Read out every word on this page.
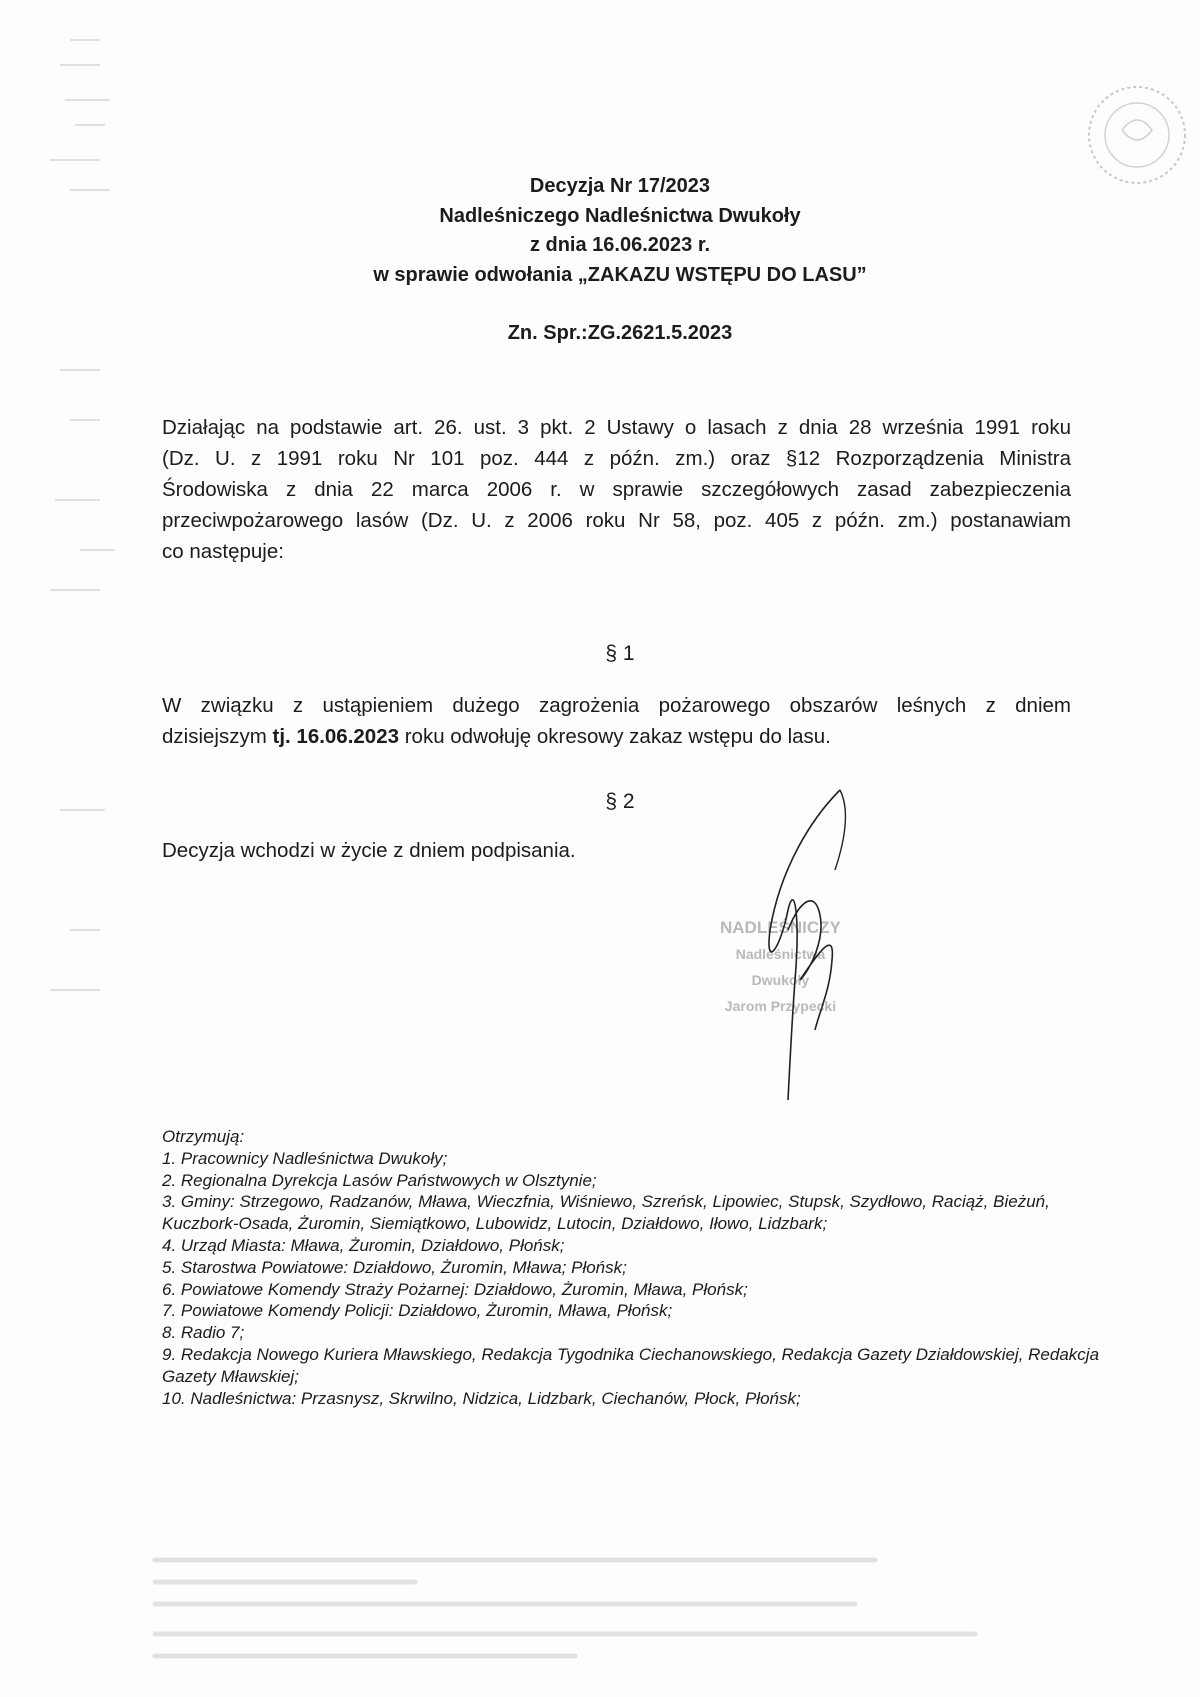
Decyzja Nr 17/2023
Nadleśniczego Nadleśnictwa Dwukoły
z dnia 16.06.2023 r.
w sprawie odwołania „ZAKAZU WSTĘPU DO LASU”
Zn. Spr.:ZG.2621.5.2023
Działając na podstawie art. 26. ust. 3 pkt. 2 Ustawy o lasach z dnia 28 września 1991 roku
(Dz. U. z 1991 roku Nr 101 poz. 444 z późn. zm.) oraz §12 Rozporządzenia Ministra
Środowiska z dnia 22 marca 2006 r. w sprawie szczegółowych zasad zabezpieczenia
przeciwpożarowego lasów (Dz. U. z 2006 roku Nr 58, poz. 405 z późn. zm.) postanawiam
co następuje:

§ 1
W związku z ustąpieniem dużego zagrożenia pożarowego obszarów leśnych z dniem
dzisiejszym tj. 16.06.2023 roku odwołuję okresowy zakaz wstępu do lasu.
§ 2
Decyzja wchodzi w życie z dniem podpisania.
NADLEŚNICZY
Nadleśnictwa
Dwukoły
Jarom Przypecki
Otrzymują:
1. Pracownicy Nadleśnictwa Dwukoły;
2. Regionalna Dyrekcja Lasów Państwowych w Olsztynie;
3. Gminy: Strzegowo, Radzanów, Mława, Wieczfnia, Wiśniewo, Szreńsk, Lipowiec, Stupsk, Szydłowo, Raciąż, Bieżuń, Kuczbork-Osada, Żuromin, Siemiątkowo, Lubowidz, Lutocin, Działdowo, Iłowo, Lidzbark;
4. Urząd Miasta: Mława, Żuromin, Działdowo, Płońsk;
5. Starostwa Powiatowe: Działdowo, Żuromin, Mława; Płońsk;
6. Powiatowe Komendy Straży Pożarnej: Działdowo, Żuromin, Mława, Płońsk;
7. Powiatowe Komendy Policji: Działdowo, Żuromin, Mława, Płońsk;
8. Radio 7;
9. Redakcja Nowego Kuriera Mławskiego, Redakcja Tygodnika Ciechanowskiego, Redakcja Gazety Działdowskiej, Redakcja Gazety Mławskiej;
10. Nadleśnictwa: Przasnysz, Skrwilno, Nidzica, Lidzbark, Ciechanów, Płock, Płońsk;
